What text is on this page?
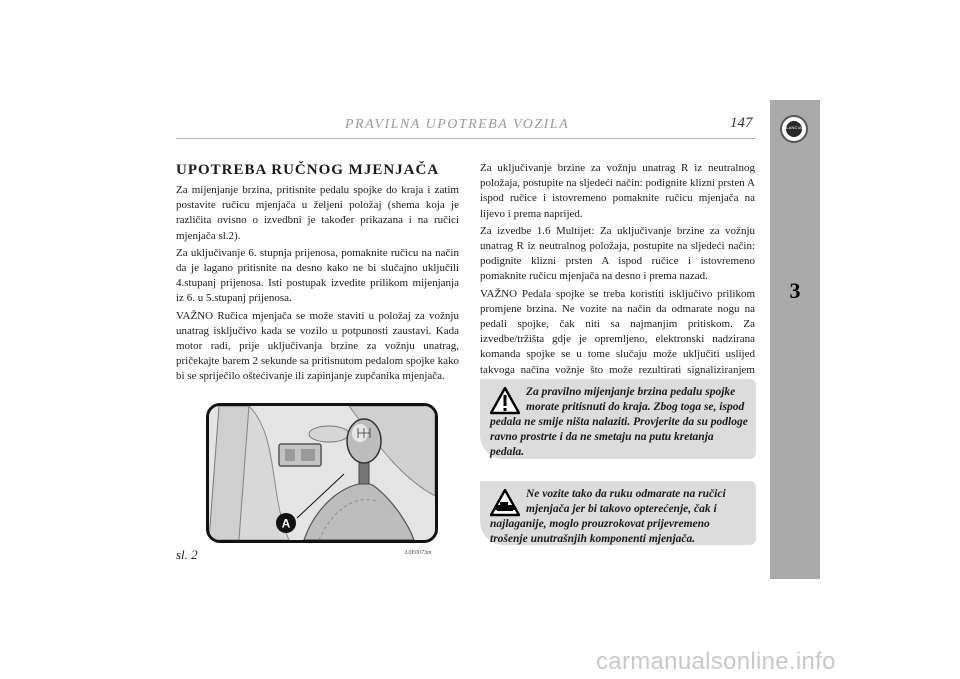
LANCIA
3
PRAVILNA UPOTREBA VOZILA	147
UPOTREBA RUČNOG MJENJAČA

Za mijenjanje brzina, pritisnite pedalu spojke do kraja i zatim postavite ručicu mjenjača u željeni položaj (shema koja je različita ovisno o izvedbni je također prikazana i na ručici mjenjača sl.2).

Za uključivanje 6. stupnja prijenosa, pomaknite ručicu na način da je lagano pritisnite na desno kako ne bi slučajno uključili 4.stupanj prijenosa. Isti postupak izvedite prilikom mijenjanja iz 6. u 5.stupanj prijenosa.

VAŽNO Ručica mjenjača se može staviti u položaj za vožnju unatrag isključivo kada se vozilo u potpunosti zaustavi. Kada motor radi, prije uključivanja brzine za vožnju unatrag, pričekajte barem 2 sekunde sa pritisnutom pedalom spojke kako bi se spriječilo oštećivanje ili zapinjanje zupčanika mjenjača.

Za uključivanje brzine za vožnju unatrag R iz neutralnog položaja, postupite na sljedeći način: podignite klizni prsten A ispod ručice i istovremeno pomaknite ručicu mjenjača na lijevo i prema naprijed.

Za izvedbe 1.6 Multijet: Za uključivanje brzine za vožnju unatrag R iz neutralnog položaja, postupite na sljedeći način: podignite klizni prsten A ispod ručice i istovremeno pomaknite ručicu mjenjača na desno i prema nazad.

VAŽNO Pedala spojke se treba koristiti isključivo prilikom promjene brzina. Ne vozite na način da odmarate nogu na pedali spojke, čak niti sa najmanjim pritiskom. Za izvedbe/tržišta gdje je opremljeno, elektronski nadzirana komanda spojke se u tome slučaju može uključiti uslijed takvoga načina vožnje što može rezultirati signaliziranjem

A
sl. 2	L0E0073m
Za pravilno mijenjanje brzina pedalu spojke morate pritisnuti do kraja. Zbog toga se, ispod pedala ne smije ništa nalaziti. Provjerite da su podloge ravno prostrte i da ne smetaju na putu kretanja pedala.
Ne vozite tako da ruku odmarate na ručici mjenjača jer bi takovo opterećenje, čak i najlaganije, moglo prouzrokovat prijevremeno trošenje unutrašnjih komponenti mjenjača.
carmanualsonline.info
